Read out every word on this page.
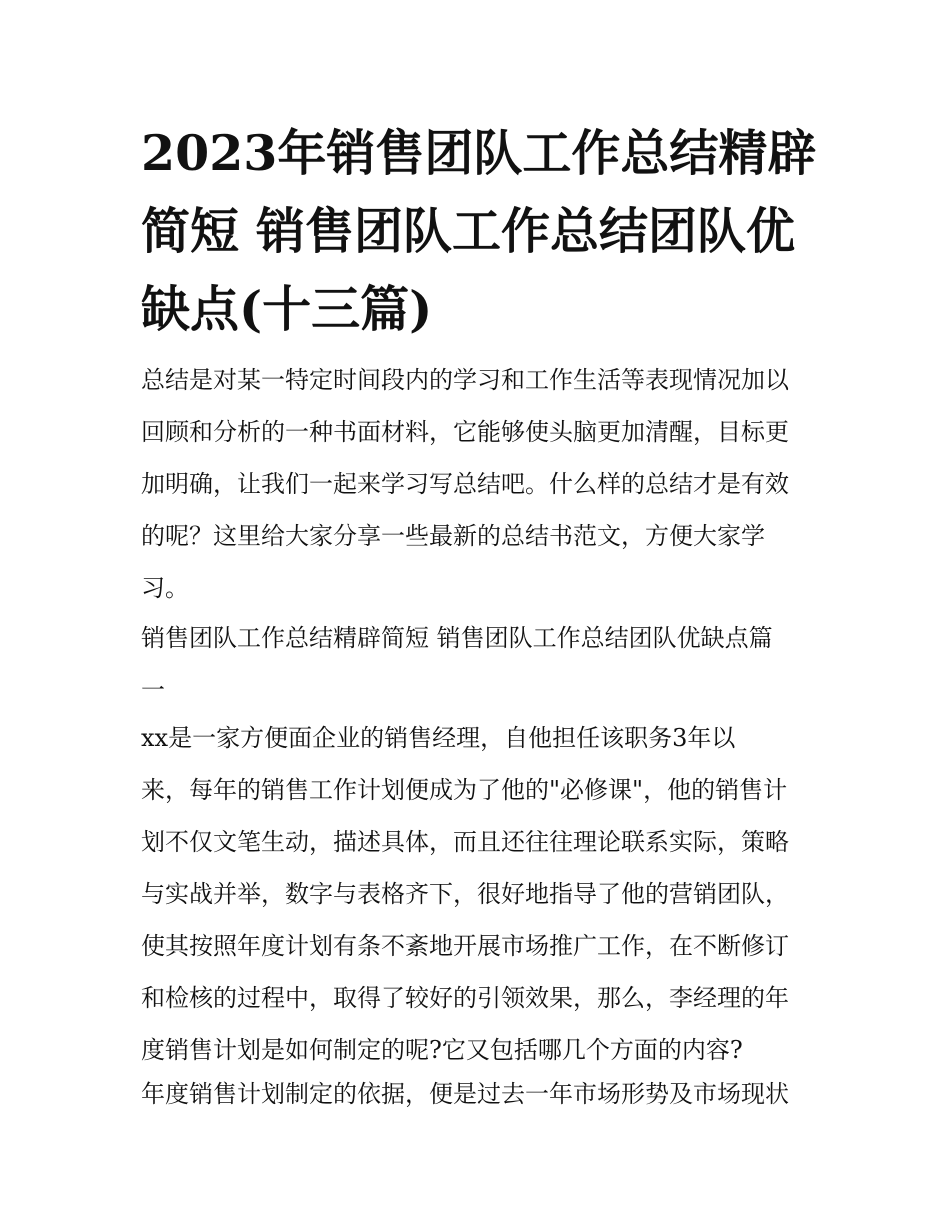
2023年销售团队工作总结精辟
简短 销售团队工作总结团队优
缺点(十三篇)
总结是对某一特定时间段内的学习和工作生活等表现情况加以
回顾和分析的一种书面材料，它能够使头脑更加清醒，目标更
加明确，让我们一起来学习写总结吧。什么样的总结才是有效
的呢？这里给大家分享一些最新的总结书范文，方便大家学
习。
销售团队工作总结精辟简短 销售团队工作总结团队优缺点篇
一
xx是一家方便面企业的销售经理，自他担任该职务3年以
来，每年的销售工作计划便成为了他的"必修课"，他的销售计
划不仅文笔生动，描述具体，而且还往往理论联系实际，策略
与实战并举，数字与表格齐下，很好地指导了他的营销团队，
使其按照年度计划有条不紊地开展市场推广工作，在不断修订
和检核的过程中，取得了较好的引领效果，那么，李经理的年
度销售计划是如何制定的呢?它又包括哪几个方面的内容?
年度销售计划制定的依据，便是过去一年市场形势及市场现状
